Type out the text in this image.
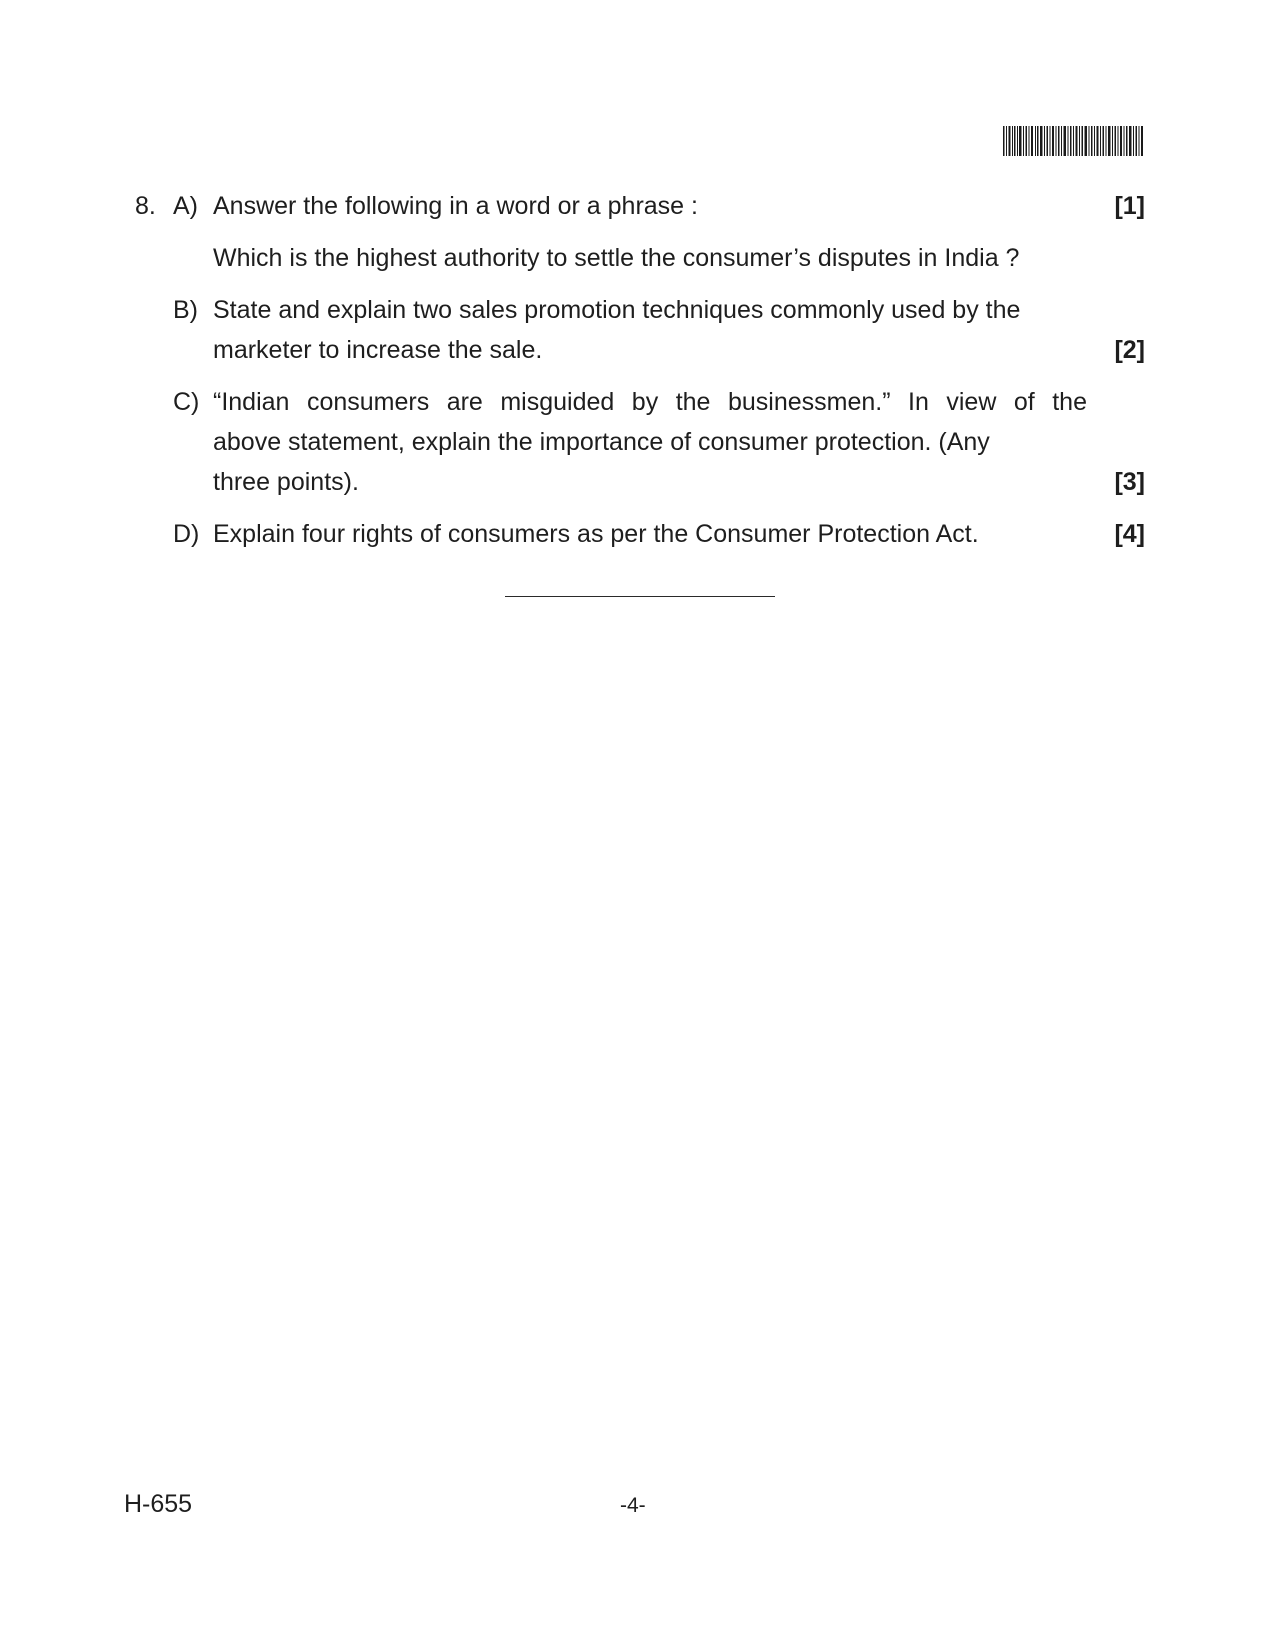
8. A) Answer the following in a word or a phrase :	[1]
Which is the highest authority to settle the consumer’s disputes in India ?
B) State and explain two sales promotion techniques commonly used by the
marketer to increase the sale.	[2]
C) “Indian consumers are misguided by the businessmen.” In view of the
above statement, explain the importance of consumer protection. (Any
three points).	[3]
D) Explain four rights of consumers as per the Consumer Protection Act.	[4]
H-655	-4-
